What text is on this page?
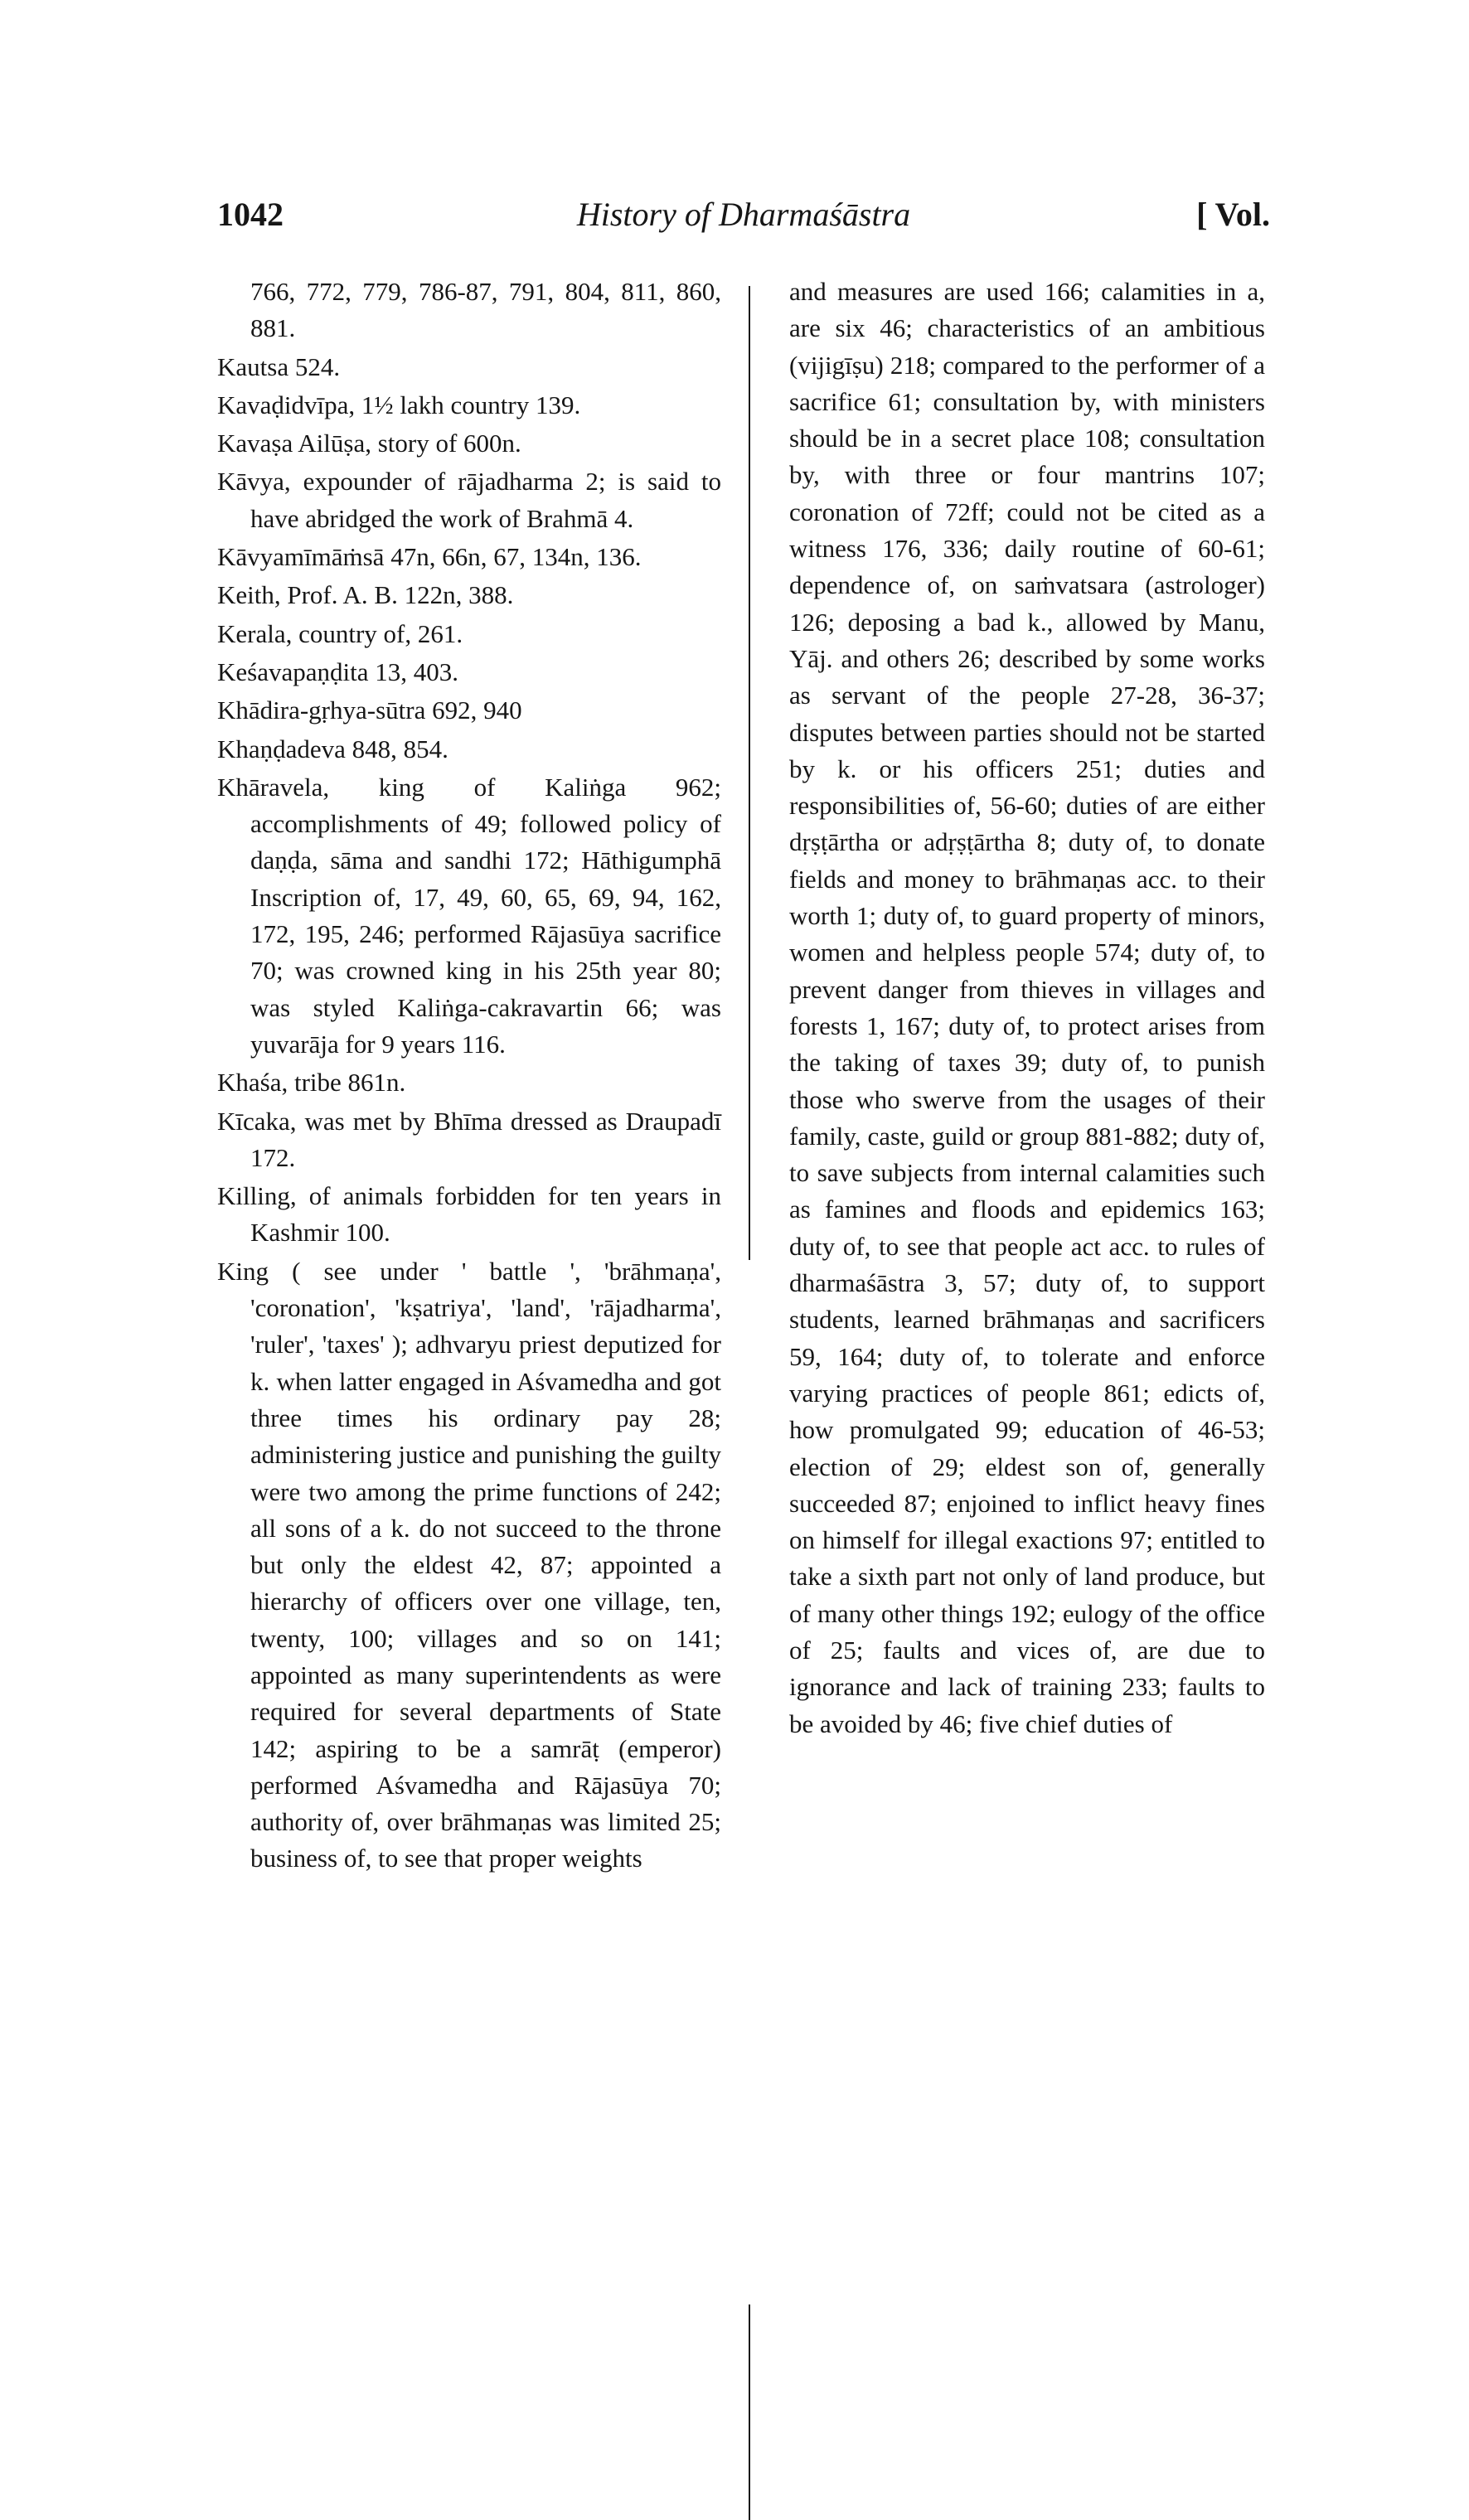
1042	History of Dharmaśāstra	[ Vol.

766, 772, 779, 786-87, 791, 804, 811, 860, 881.

Kautsa 524.

Kavaḍidvīpa, 1½ lakh country 139.

Kavaṣa Ailūṣa, story of 600n.

Kāvya, expounder of rājadharma 2; is said to have abridged the work of Brahmā 4.

Kāvyamīmāṁsā 47n, 66n, 67, 134n, 136.

Keith, Prof. A. B. 122n, 388.

Kerala, country of, 261.

Keśavapaṇḍita 13, 403.

Khādira-gṛhya-sūtra 692, 940

Khaṇḍadeva 848, 854.

Khāravela, king of Kaliṅga 962; accomplishments of 49; followed policy of daṇḍa, sāma and sandhi 172; Hāthigumphā Inscription of, 17, 49, 60, 65, 69, 94, 162, 172, 195, 246; performed Rājasūya sacrifice 70; was crowned king in his 25th year 80; was styled Kaliṅga-cakravartin 66; was yuvarāja for 9 years 116.

Khaśa, tribe 861n.

Kīcaka, was met by Bhīma dressed as Draupadī 172.

Killing, of animals forbidden for ten years in Kashmir 100.

King ( see under ' battle ', 'brāhmaṇa', 'coronation', 'kṣatriya', 'land', 'rājadharma', 'ruler', 'taxes' ); adhvaryu priest deputized for k. when latter engaged in Aśvamedha and got three times his ordinary pay 28; administering justice and punishing the guilty were two among the prime functions of 242; all sons of a k. do not succeed to the throne but only the eldest 42, 87; appointed a hierarchy of officers over one village, ten, twenty, 100; villages and so on 141; appointed as many superintendents as were required for several departments of State 142; aspiring to be a samrāṭ (emperor) performed Aśvamedha and Rājasūya 70; authority of, over brāhmaṇas was limited 25; business of, to see that proper weights

and measures are used 166; calamities in a, are six 46; characteristics of an ambitious (vijigīṣu) 218; compared to the performer of a sacrifice 61; consultation by, with ministers should be in a secret place 108; consultation by, with three or four mantrins 107; coronation of 72ff; could not be cited as a witness 176, 336; daily routine of 60-61; dependence of, on saṁvatsara (astrologer) 126; deposing a bad k., allowed by Manu, Yāj. and others 26; described by some works as servant of the people 27-28, 36-37; disputes between parties should not be started by k. or his officers 251; duties and responsibilities of, 56-60; duties of are either dṛṣṭārtha or adṛṣṭārtha 8; duty of, to donate fields and money to brāhmaṇas acc. to their worth 1; duty of, to guard property of minors, women and helpless people 574; duty of, to prevent danger from thieves in villages and forests 1, 167; duty of, to protect arises from the taking of taxes 39; duty of, to punish those who swerve from the usages of their family, caste, guild or group 881-882; duty of, to save subjects from internal calamities such as famines and floods and epidemics 163; duty of, to see that people act acc. to rules of dharmaśāstra 3, 57; duty of, to support students, learned brāhmaṇas and sacrificers 59, 164; duty of, to tolerate and enforce varying practices of people 861; edicts of, how promulgated 99; education of 46-53; election of 29; eldest son of, generally succeeded 87; enjoined to inflict heavy fines on himself for illegal exactions 97; entitled to take a sixth part not only of land produce, but of many other things 192; eulogy of the office of 25; faults and vices of, are due to ignorance and lack of training 233; faults to be avoided by 46; five chief duties of
